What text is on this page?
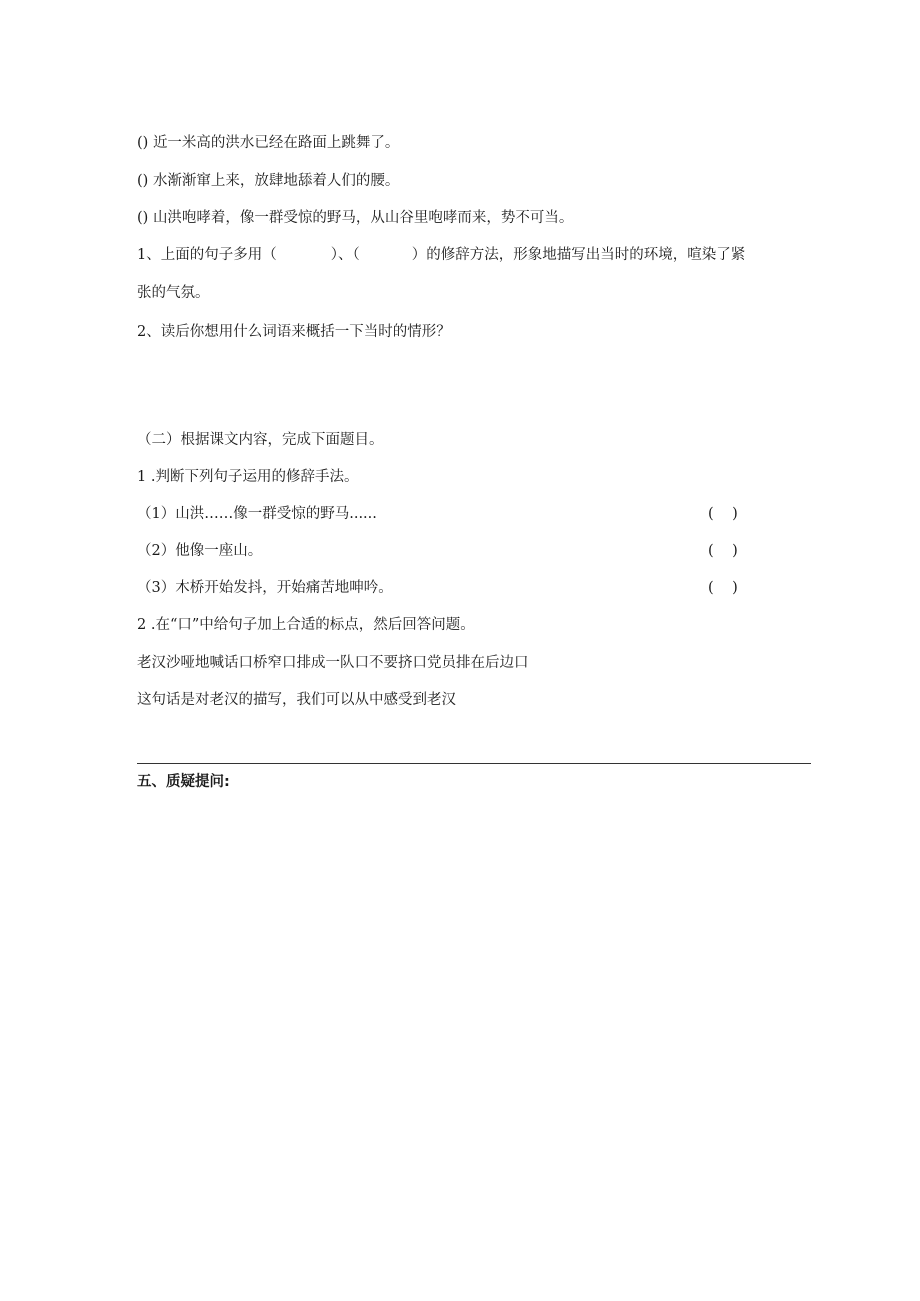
() 近一米高的洪水已经在路面上跳舞了。
() 水渐渐窜上来，放肆地舔着人们的腰。
() 山洪咆哮着，像一群受惊的野马，从山谷里咆哮而来，势不可当。
1、上面的句子多用（	）、（	）的修辞方法，形象地描写出当时的环境，喧染了紧
张的气氛。
2、读后你想用什么词语来概括一下当时的情形？
（二）根据课文内容，完成下面题目。
1 .判断下列句子运用的修辞手法。
（1）山洪……像一群受惊的野马......	(    )
（2）他像一座山。	(    )
（3）木桥开始发抖，开始痛苦地呻吟。	(    )
2 .在“口”中给句子加上合适的标点，然后回答问题。
老汉沙哑地喊话口桥窄口排成一队口不要挤口党员排在后边口
这句话是对老汉的描写，我们可以从中感受到老汉
五、质疑提问:
